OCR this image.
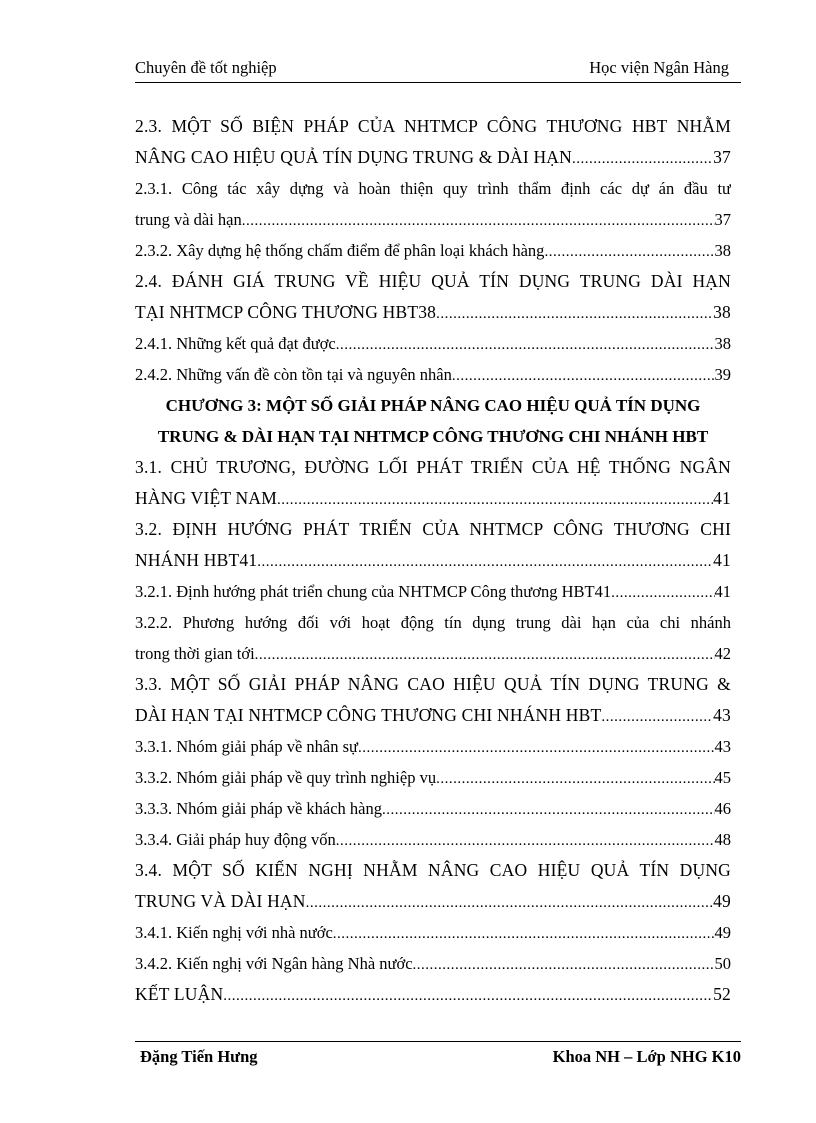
Chuyên đề tốt nghiệp	Học viện Ngân Hàng
2.3. MỘT SỐ BIỆN PHÁP CỦA NHTMCP CÔNG THƯƠNG HBT NHẰM
NÂNG CAO HIỆU QUẢ TÍN DỤNG TRUNG & DÀI HẠN .....	37
2.3.1. Công tác xây dựng và hoàn thiện quy trình thẩm định các dự án đầu tư
trung và dài hạn .....	37
2.3.2. Xây dựng hệ thống chấm điểm để phân loại khách hàng .....	38
2.4. ĐÁNH GIÁ TRUNG VỀ HIỆU QUẢ TÍN DỤNG TRUNG DÀI HẠN
TẠI NHTMCP CÔNG THƯƠNG HBT38 .....	38
2.4.1. Những kết quả đạt được .....	38
2.4.2. Những vấn đề còn tồn tại và nguyên nhân .....	39
CHƯƠNG 3: MỘT SỐ GIẢI PHÁP NÂNG CAO HIỆU QUẢ TÍN DỤNG
TRUNG & DÀI HẠN TẠI NHTMCP CÔNG THƯƠNG CHI NHÁNH HBT
3.1. CHỦ TRƯƠNG, ĐƯỜNG LỐI PHÁT TRIỂN CỦA HỆ THỐNG NGÂN
HÀNG VIỆT NAM .....	41
3.2. ĐỊNH HƯỚNG PHÁT TRIỂN CỦA NHTMCP CÔNG THƯƠNG CHI
NHÁNH HBT41 .....	41
3.2.1. Định hướng phát triển chung của NHTMCP Công thương HBT41 .....	41
3.2.2. Phương hướng đối với hoạt động tín dụng trung dài hạn của chi nhánh
trong thời gian tới .....	42
3.3. MỘT SỐ GIẢI PHÁP NÂNG CAO HIỆU QUẢ TÍN DỤNG TRUNG &
DÀI HẠN TẠI NHTMCP CÔNG THƯƠNG CHI NHÁNH HBT .....	43
3.3.1. Nhóm giải pháp về nhân sự .....	43
3.3.2. Nhóm giải pháp về quy trình nghiệp vụ .....	45
3.3.3. Nhóm giải pháp về khách hàng .....	46
3.3.4. Giải pháp huy động vốn .....	48
3.4. MỘT SỐ KIẾN NGHỊ NHẰM NÂNG CAO HIỆU QUẢ TÍN DỤNG
TRUNG VÀ DÀI HẠN .....	49
3.4.1. Kiến nghị với nhà nước .....	49
3.4.2. Kiến nghị với Ngân hàng Nhà nước .....	50
KẾT LUẬN .....	52
Đặng Tiến Hưng	Khoa NH – Lớp NHG K10
